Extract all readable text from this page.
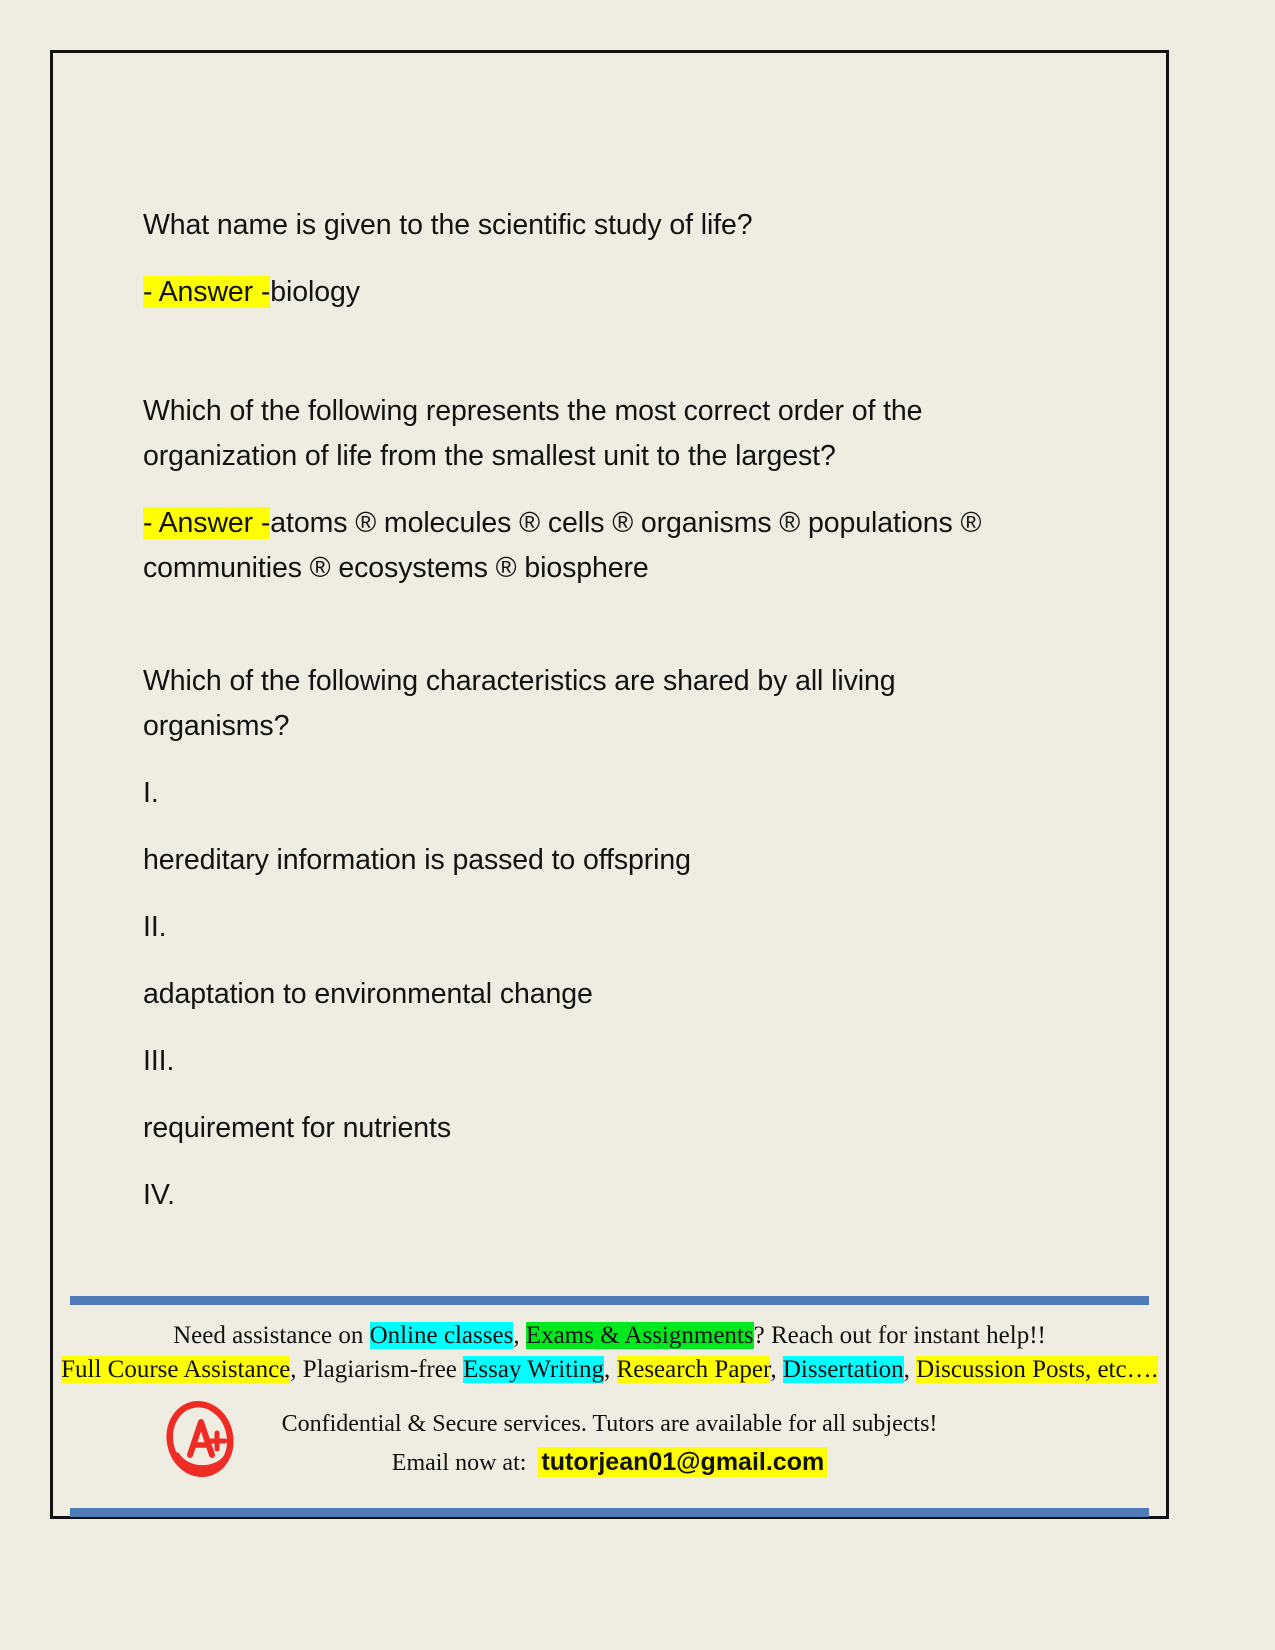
What name is given to the scientific study of life?

- Answer -biology

Which of the following represents the most correct order of the

organization of life from the smallest unit to the largest?

- Answer -atoms ® molecules ® cells ® organisms ® populations ®

communities ® ecosystems ® biosphere

Which of the following characteristics are shared by all living

organisms?

I.

hereditary information is passed to offspring

II.

adaptation to environmental change

III.

requirement for nutrients

IV.

Need assistance on Online classes, Exams & Assignments? Reach out for instant help!!
Full Course Assistance, Plagiarism-free Essay Writing, Research Paper, Dissertation, Discussion Posts, etc….
Confidential & Secure services. Tutors are available for all subjects!
Email now at: tutorjean01@gmail.com
